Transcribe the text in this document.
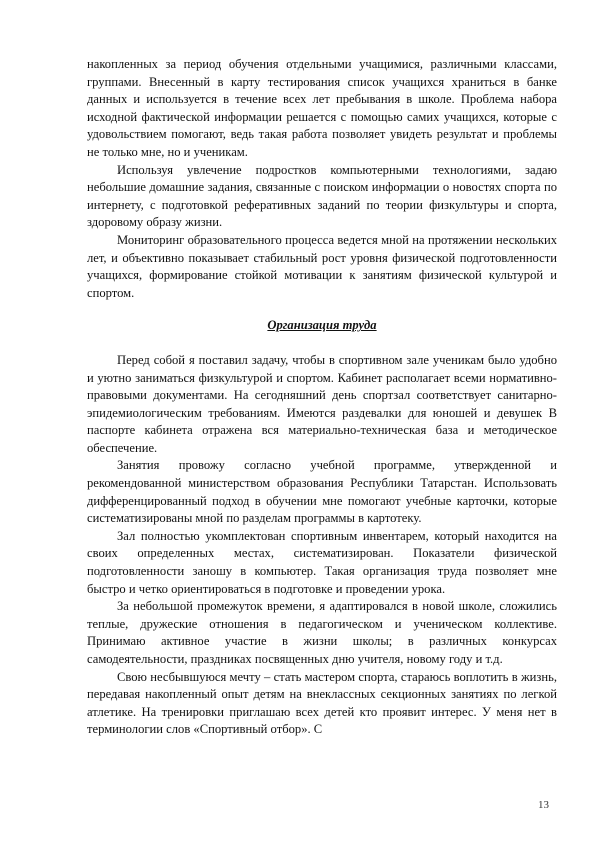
накопленных за период обучения отдельными учащимися, различными классами, группами. Внесенный в карту тестирования список учащихся храниться в банке данных и используется в течение всех лет пребывания в школе. Проблема набора исходной фактической информации решается с помощью самих учащихся, которые с удовольствием помогают, ведь такая работа позволяет увидеть результат и проблемы не только мне, но и ученикам.

Используя увлечение подростков компьютерными технологиями, задаю небольшие домашние задания, связанные с поиском информации о новостях спорта по интернету, с подготовкой реферативных заданий по теории физкультуры и спорта, здоровому образу жизни.

Мониторинг образовательного процесса ведется мной на протяжении нескольких лет, и объективно показывает стабильный рост уровня физической подготовленности учащихся, формирование стойкой мотивации к занятиям физической культурой и спортом.

Организация труда

Перед собой я поставил задачу, чтобы в спортивном зале ученикам было удобно и уютно заниматься физкультурой и спортом. Кабинет располагает всеми нормативно-правовыми документами. На сегодняшний день спортзал соответствует санитарно-эпидемиологическим требованиям. Имеются раздевалки для юношей и девушек В паспорте кабинета отражена вся материально-техническая база и методическое обеспечение.

Занятия провожу согласно учебной программе, утвержденной и рекомендованной министерством образования Республики Татарстан. Использовать дифференцированный подход в обучении мне помогают учебные карточки, которые систематизированы мной по разделам программы в картотеку.

Зал полностью укомплектован спортивным инвентарем, который находится на своих определенных местах, систематизирован. Показатели физической подготовленности заношу в компьютер. Такая организация труда позволяет мне быстро и четко ориентироваться в подготовке и проведении урока.

За небольшой промежуток времени, я адаптировался в новой школе, сложились теплые, дружеские отношения в педагогическом и ученическом коллективе. Принимаю активное участие в жизни школы; в различных конкурсах самодеятельности, праздниках посвященных дню учителя, новому году и т.д.

Свою несбывшуюся мечту – стать мастером спорта, стараюсь воплотить в жизнь, передавая накопленный опыт детям на внеклассных секционных занятиях по легкой атлетике. На тренировки приглашаю всех детей кто проявит интерес. У меня нет в терминологии слов «Спортивный отбор». С

13
